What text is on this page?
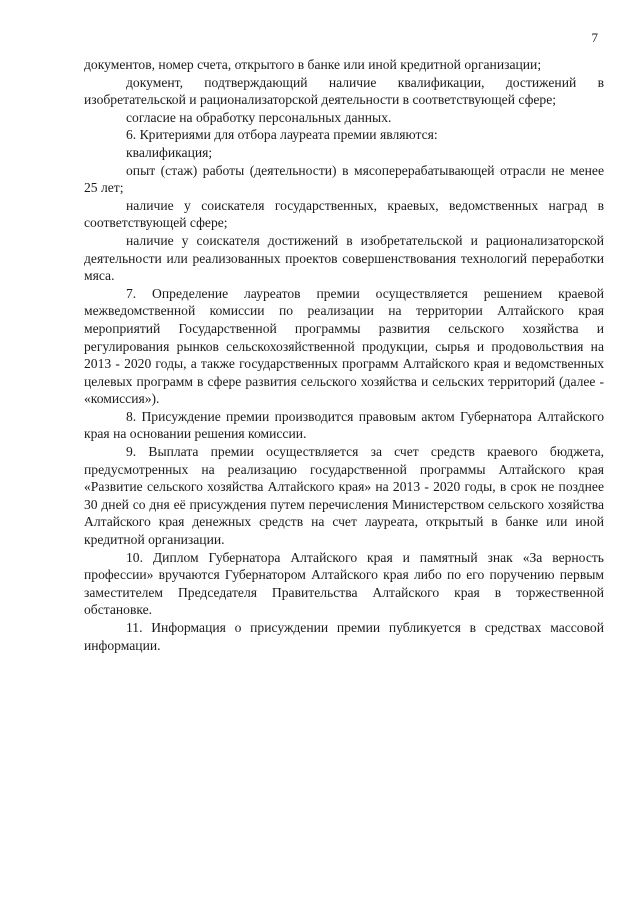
7

документов, номер счета, открытого в банке или иной кредитной организации;

документ, подтверждающий наличие квалификации, достижений в изобретательской и рационализаторской деятельности в соответствующей сфере;

согласие на обработку персональных данных.

6. Критериями для отбора лауреата премии являются:

квалификация;

опыт (стаж) работы (деятельности) в мясоперерабатывающей отрасли не менее 25 лет;

наличие у соискателя государственных, краевых, ведомственных наград в соответствующей сфере;

наличие у соискателя достижений в изобретательской и рационализаторской деятельности или реализованных проектов совершенствования технологий переработки мяса.

7. Определение лауреатов премии осуществляется решением краевой межведомственной комиссии по реализации на территории Алтайского края мероприятий Государственной программы развития сельского хозяйства и регулирования рынков сельскохозяйственной продукции, сырья и продовольствия на 2013 - 2020 годы, а также государственных программ Алтайского края и ведомственных целевых программ в сфере развития сельского хозяйства и сельских территорий (далее - «комиссия»).

8. Присуждение премии производится правовым актом Губернатора Алтайского края на основании решения комиссии.

9. Выплата премии осуществляется за счет средств краевого бюджета, предусмотренных на реализацию государственной программы Алтайского края «Развитие сельского хозяйства Алтайского края» на 2013 - 2020 годы, в срок не позднее 30 дней со дня её присуждения путем перечисления Министерством сельского хозяйства Алтайского края денежных средств на счет лауреата, открытый в банке или иной кредитной организации.

10. Диплом Губернатора Алтайского края и памятный знак «За верность профессии» вручаются Губернатором Алтайского края либо по его поручению первым заместителем Председателя Правительства Алтайского края в торжественной обстановке.

11. Информация о присуждении премии публикуется в средствах массовой информации.
